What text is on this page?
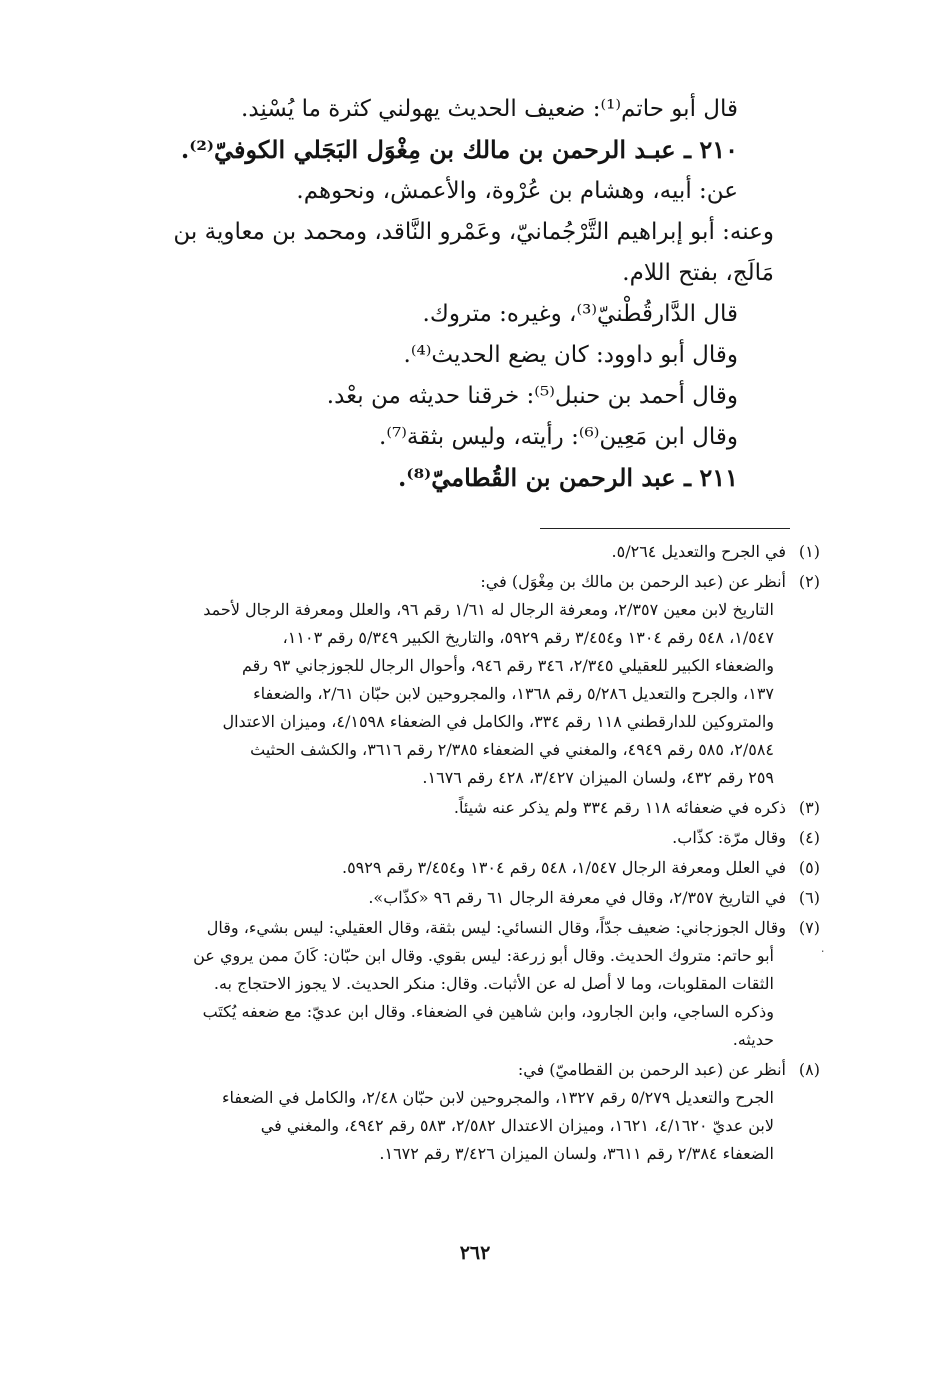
قال أبو حاتم⁽¹⁾: ضعيف الحديث يهولني كثرة ما يُسْنِد.
٢١٠ ـ عبـد الرحمن بن مالك بن مِغْوَل البَجَلي الكوفيّ⁽²⁾.
عن: أبيه، وهشام بن عُرْوة، والأعمش، ونحوهم.
وعنه: أبو إبراهيم التَّرْجُمانيّ، وعَمْرو النَّاقد، ومحمد بن معاوية بن
مَالَج، بفتح اللام.
قال الدَّارقُطْنيّ⁽³⁾، وغيره: متروك.
وقال أبو داوود: كان يضع الحديث⁽⁴⁾.
وقال أحمد بن حنبل⁽⁵⁾: خرقنا حديثه من بعْد.
وقال ابن مَعِين⁽⁶⁾: رأيته، وليس بثقة⁽⁷⁾.
٢١١ ـ عبد الرحمن بن القُطاميّ⁽⁸⁾.
(١)
في الجرح والتعديل ٥/٢٦٤.
(٢)
أنظر عن (عبد الرحمن بن مالك بن مِغْوَل) في:
التاريخ لابن معين ٢/٣٥٧، ومعرفة الرجال له ١/٦١ رقم ٩٦، والعلل ومعرفة الرجال لأحمد
١/٥٤٧، ٥٤٨ رقم ١٣٠٤ و٣/٤٥٤ رقم ٥٩٢٩، والتاريخ الكبير ٥/٣٤٩ رقم ١١٠٣،
والضعفاء الكبير للعقيلي ٢/٣٤٥، ٣٤٦ رقم ٩٤٦، وأحوال الرجال للجوزجاني ٩٣ رقم
١٣٧، والجرح والتعديل ٥/٢٨٦ رقم ١٣٦٨، والمجروحين لابن حبّان ٢/٦١، والضعفاء
والمتروكين للدارقطني ١١٨ رقم ٣٣٤، والكامل في الضعفاء ٤/١٥٩٨، وميزان الاعتدال
٢/٥٨٤، ٥٨٥ رقم ٤٩٤٩، والمغني في الضعفاء ٢/٣٨٥ رقم ٣٦١٦، والكشف الحثيث
٢٥٩ رقم ٤٣٢، ولسان الميزان ٣/٤٢٧، ٤٢٨ رقم ١٦٧٦.
(٣)
ذكره في ضعفائه ١١٨ رقم ٣٣٤ ولم يذكر عنه شيئاً.
(٤)
وقال مرّة: كذّاب.
(٥)
في العلل ومعرفة الرجال ١/٥٤٧، ٥٤٨ رقم ١٣٠٤ و٣/٤٥٤ رقم ٥٩٢٩.
(٦)
في التاريخ ٢/٣٥٧، وقال في معرفة الرجال ٦١ رقم ٩٦ «كذّاب».
(٧)
وقال الجوزجاني: ضعيف جدّاً، وقال النسائي: ليس بثقة، وقال العقيلي: ليس بشيء، وقال
أبو حاتم: متروك الحديث. وقال أبو زرعة: ليس بقوي. وقال ابن حبّان: كَانَ ممن يروي عن
الثقات المقلوبات، وما لا أصل له عن الأثبات. وقال: منكر الحديث. لا يجوز الاحتجاج به.
وذكره الساجي، وابن الجارود، وابن شاهين في الضعفاء. وقال ابن عديّ: مع ضعفه يُكتَب
حديثه.
(٨)
أنظر عن (عبد الرحمن بن القطاميّ) في:
الجرح والتعديل ٥/٢٧٩ رقم ١٣٢٧، والمجروحين لابن حبّان ٢/٤٨، والكامل في الضعفاء
لابن عديّ ٤/١٦٢٠، ١٦٢١، وميزان الاعتدال ٢/٥٨٢، ٥٨٣ رقم ٤٩٤٢، والمغني في
الضعفاء ٢/٣٨٤ رقم ٣٦١١، ولسان الميزان ٣/٤٢٦ رقم ١٦٧٢.
٠
٢٦٢
